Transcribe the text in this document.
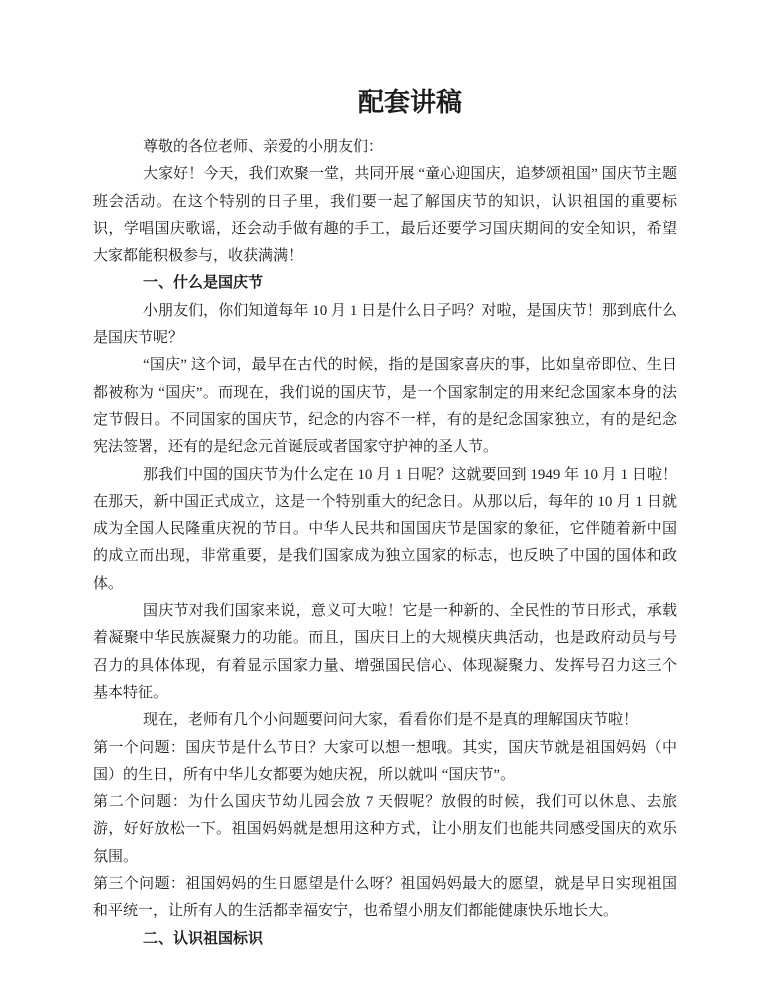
配套讲稿

尊敬的各位老师、亲爱的小朋友们：

大家好！今天，我们欢聚一堂，共同开展 “童心迎国庆，追梦颂祖国” 国庆节主题班会活动。在这个特别的日子里，我们要一起了解国庆节的知识，认识祖国的重要标识，学唱国庆歌谣，还会动手做有趣的手工，最后还要学习国庆期间的安全知识，希望大家都能积极参与，收获满满！

一、什么是国庆节

小朋友们，你们知道每年 10 月 1 日是什么日子吗？对啦，是国庆节！那到底什么是国庆节呢？

“国庆” 这个词，最早在古代的时候，指的是国家喜庆的事，比如皇帝即位、生日都被称为 “国庆”。而现在，我们说的国庆节，是一个国家制定的用来纪念国家本身的法定节假日。不同国家的国庆节，纪念的内容不一样，有的是纪念国家独立，有的是纪念宪法签署，还有的是纪念元首诞辰或者国家守护神的圣人节。

那我们中国的国庆节为什么定在 10 月 1 日呢？这就要回到 1949 年 10 月 1 日啦！在那天，新中国正式成立，这是一个特别重大的纪念日。从那以后，每年的 10 月 1 日就成为全国人民隆重庆祝的节日。中华人民共和国国庆节是国家的象征，它伴随着新中国的成立而出现，非常重要，是我们国家成为独立国家的标志，也反映了中国的国体和政体。

国庆节对我们国家来说，意义可大啦！它是一种新的、全民性的节日形式，承载着凝聚中华民族凝聚力的功能。而且，国庆日上的大规模庆典活动，也是政府动员与号召力的具体体现，有着显示国家力量、增强国民信心、体现凝聚力、发挥号召力这三个基本特征。

现在，老师有几个小问题要问问大家，看看你们是不是真的理解国庆节啦！

第一个问题：国庆节是什么节日？大家可以想一想哦。其实，国庆节就是祖国妈妈（中国）的生日，所有中华儿女都要为她庆祝，所以就叫 “国庆节”。

第二个问题：为什么国庆节幼儿园会放 7 天假呢？放假的时候，我们可以休息、去旅游，好好放松一下。祖国妈妈就是想用这种方式，让小朋友们也能共同感受国庆的欢乐氛围。

第三个问题：祖国妈妈的生日愿望是什么呀？祖国妈妈最大的愿望，就是早日实现祖国和平统一，让所有人的生活都幸福安宁，也希望小朋友们都能健康快乐地长大。

二、认识祖国标识
